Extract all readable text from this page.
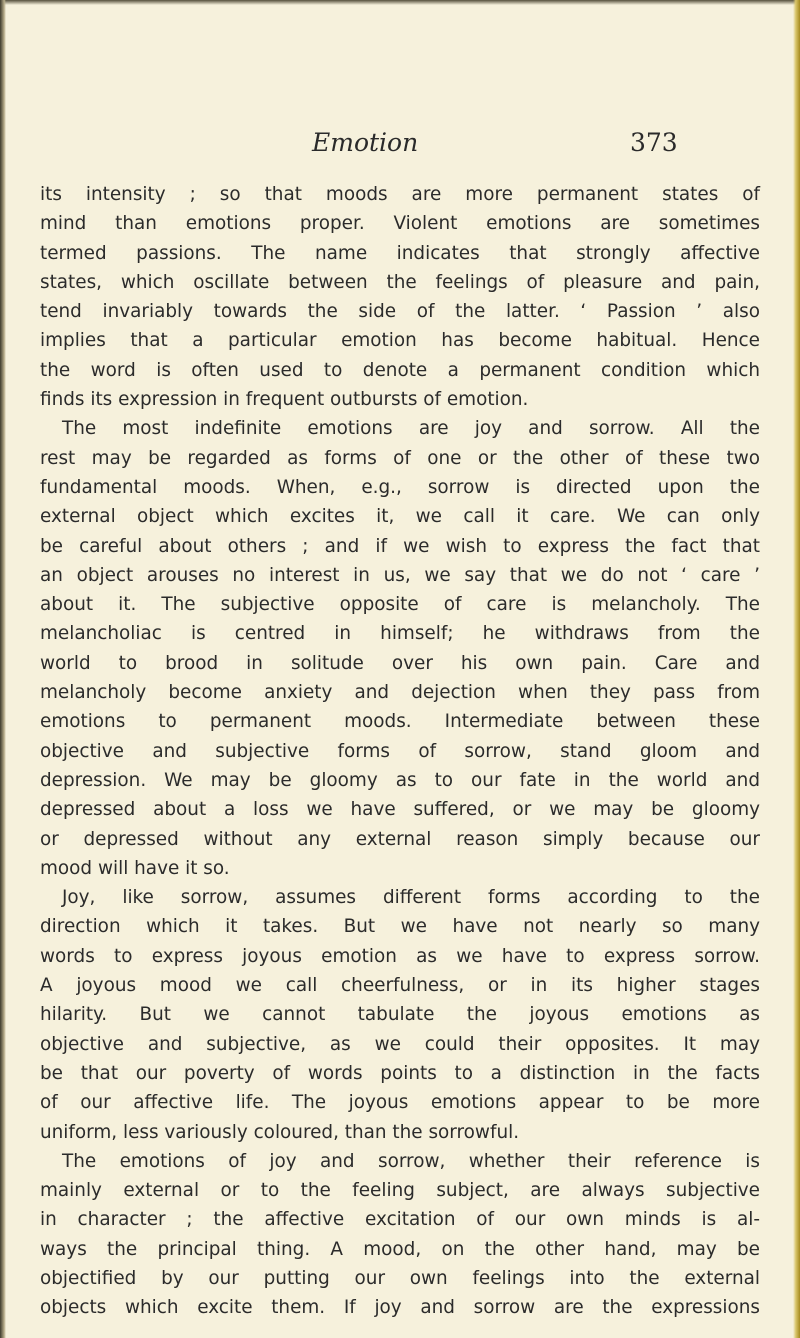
Emotion	373
its intensity ; so that moods are more permanent states of
mind than emotions proper. Violent emotions are sometimes
termed passions. The name indicates that strongly affective
states, which oscillate between the feelings of pleasure and pain,
tend invariably towards the side of the latter. ‘ Passion ’ also
implies that a particular emotion has become habitual. Hence
the word is often used to denote a permanent condition which
finds its expression in frequent outbursts of emotion.
The most indefinite emotions are joy and sorrow. All the
rest may be regarded as forms of one or the other of these two
fundamental moods. When, e.g., sorrow is directed upon the
external object which excites it, we call it care. We can only
be careful about others ; and if we wish to express the fact that
an object arouses no interest in us, we say that we do not ‘ care ’
about it. The subjective opposite of care is melancholy. The
melancholiac is centred in himself; he withdraws from the
world to brood in solitude over his own pain. Care and
melancholy become anxiety and dejection when they pass from
emotions to permanent moods. Intermediate between these
objective and subjective forms of sorrow, stand gloom and
depression. We may be gloomy as to our fate in the world and
depressed about a loss we have suffered, or we may be gloomy
or depressed without any external reason simply because our
mood will have it so.
Joy, like sorrow, assumes different forms according to the
direction which it takes. But we have not nearly so many
words to express joyous emotion as we have to express sorrow.
A joyous mood we call cheerfulness, or in its higher stages
hilarity. But we cannot tabulate the joyous emotions as
objective and subjective, as we could their opposites. It may
be that our poverty of words points to a distinction in the facts
of our affective life. The joyous emotions appear to be more
uniform, less variously coloured, than the sorrowful.
The emotions of joy and sorrow, whether their reference is
mainly external or to the feeling subject, are always subjective
in character ; the affective excitation of our own minds is al-
ways the principal thing. A mood, on the other hand, may be
objectified by our putting our own feelings into the external
objects which excite them. If joy and sorrow are the expressions
